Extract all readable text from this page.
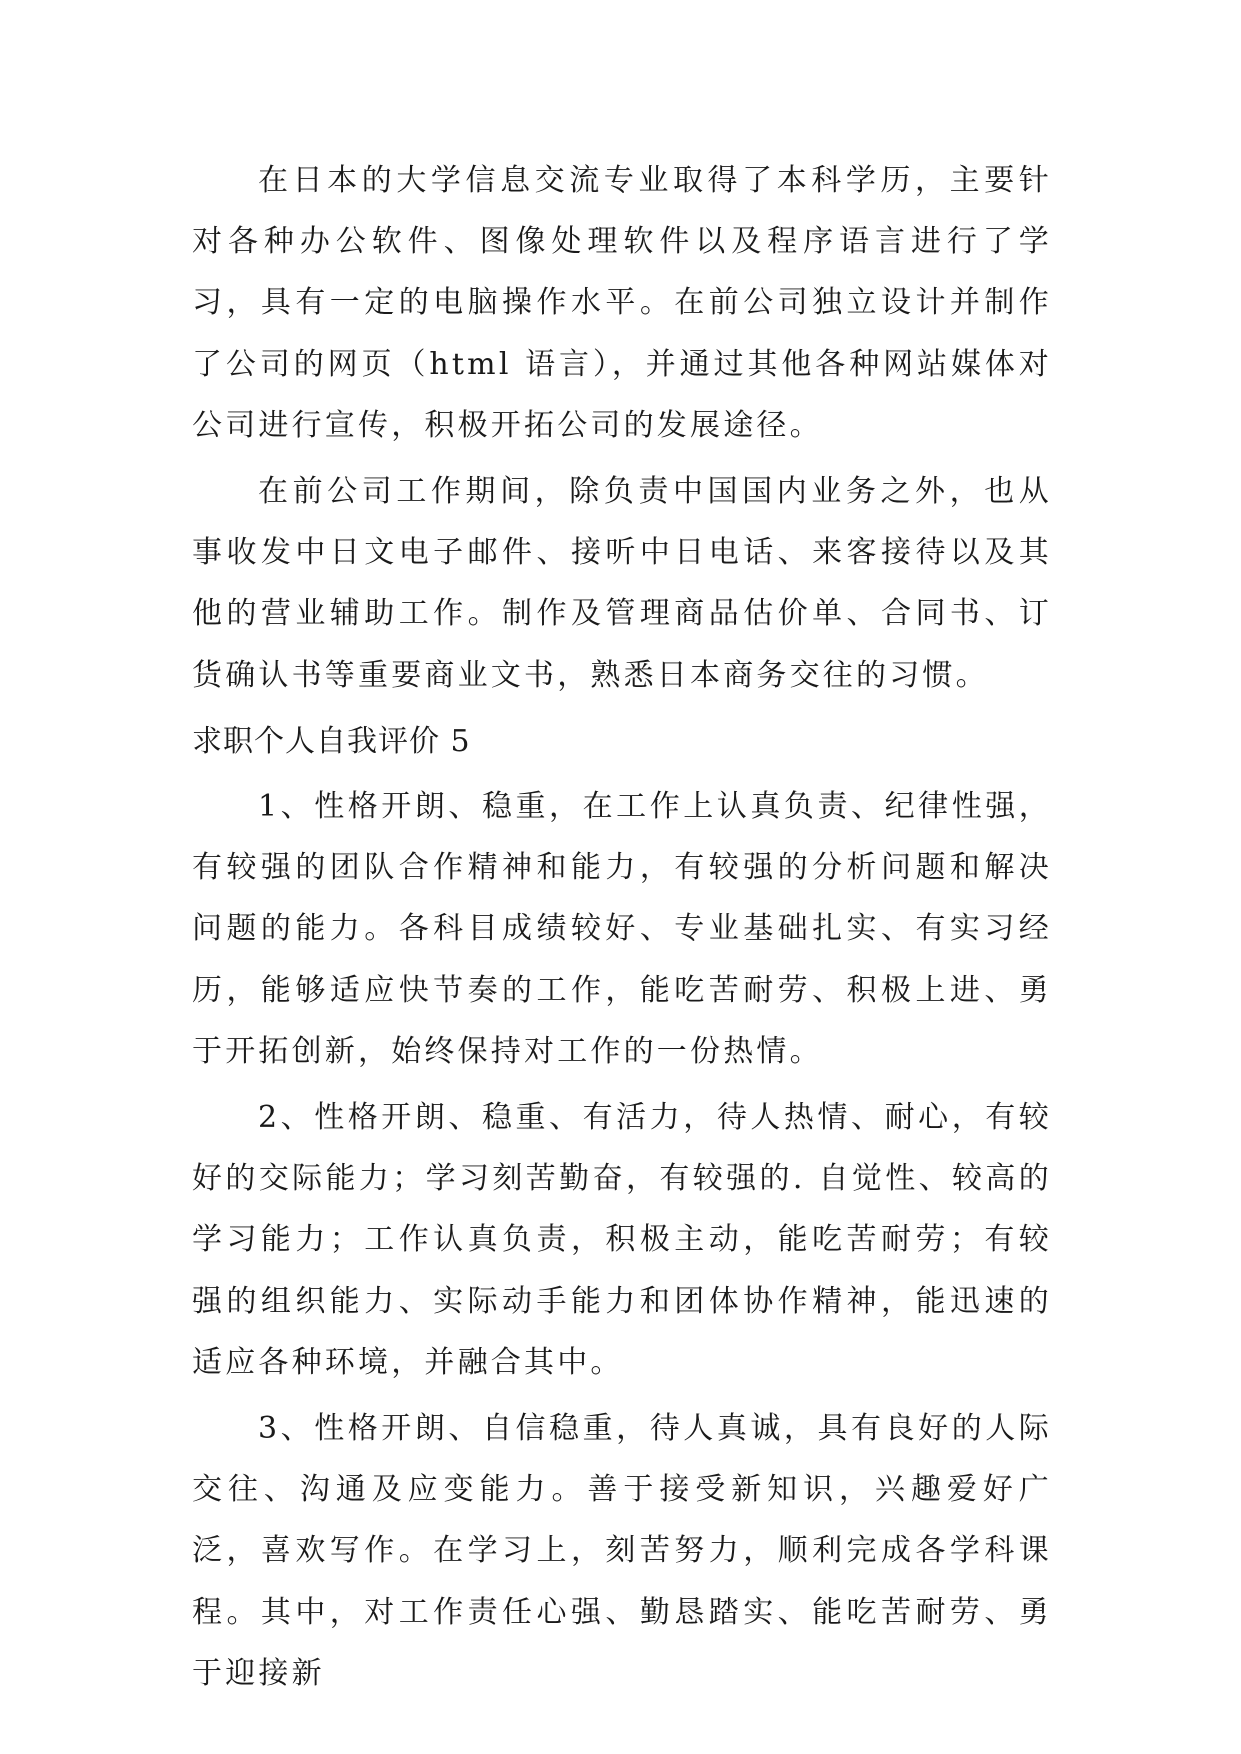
在日本的大学信息交流专业取得了本科学历，主要针对各种办公软件、图像处理软件以及程序语言进行了学习，具有一定的电脑操作水平。在前公司独立设计并制作了公司的网页（html 语言），并通过其他各种网站媒体对公司进行宣传，积极开拓公司的发展途径。

在前公司工作期间，除负责中国国内业务之外，也从事收发中日文电子邮件、接听中日电话、来客接待以及其他的营业辅助工作。制作及管理商品估价单、合同书、订货确认书等重要商业文书，熟悉日本商务交往的习惯。

求职个人自我评价 5

1、性格开朗、稳重，在工作上认真负责、纪律性强，有较强的团队合作精神和能力，有较强的分析问题和解决问题的能力。各科目成绩较好、专业基础扎实、有实习经历，能够适应快节奏的工作，能吃苦耐劳、积极上进、勇于开拓创新，始终保持对工作的一份热情。

2、性格开朗、稳重、有活力，待人热情、耐心，有较好的交际能力；学习刻苦勤奋，有较强的. 自觉性、较高的学习能力；工作认真负责，积极主动，能吃苦耐劳；有较强的组织能力、实际动手能力和团体协作精神，能迅速的适应各种环境，并融合其中。

3、性格开朗、自信稳重，待人真诚，具有良好的人际交往、沟通及应变能力。善于接受新知识，兴趣爱好广泛，喜欢写作。在学习上，刻苦努力，顺利完成各学科课程。其中，对工作责任心强、勤恳踏实、能吃苦耐劳、勇于迎接新
